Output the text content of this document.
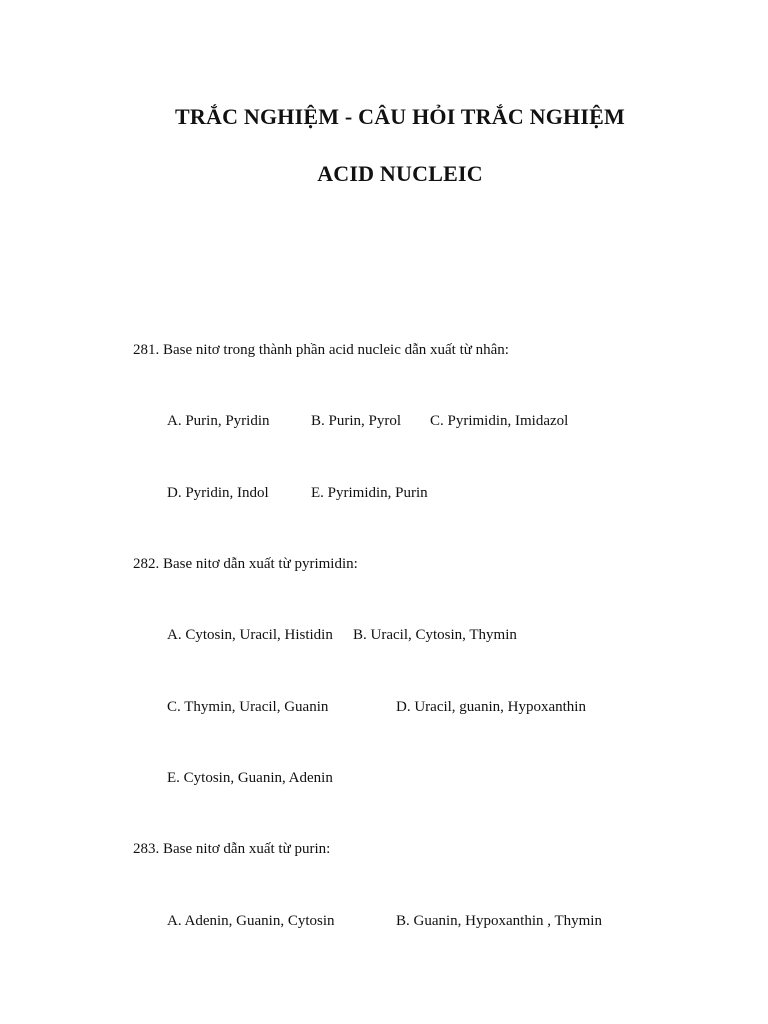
TRẮC NGHIỆM - CÂU HỎI TRẮC NGHIỆM
ACID NUCLEIC
281. Base nitơ trong thành phần acid nucleic dẫn xuất từ nhân:
A. Purin, Pyridin	B. Purin, Pyrol C. Pyrimidin, Imidazol
D. Pyridin, Indol	E. Pyrimidin, Purin
282. Base nitơ dẫn xuất từ pyrimidin:
A. Cytosin, Uracil, Histidin B. Uracil, Cytosin, Thymin
C. Thymin, Uracil, Guanin	D. Uracil, guanin, Hypoxanthin
E. Cytosin, Guanin, Adenin
283. Base nitơ dẫn xuất từ purin:
A. Adenin, Guanin, Cytosin	B. Guanin, Hypoxanthin , Thymin
